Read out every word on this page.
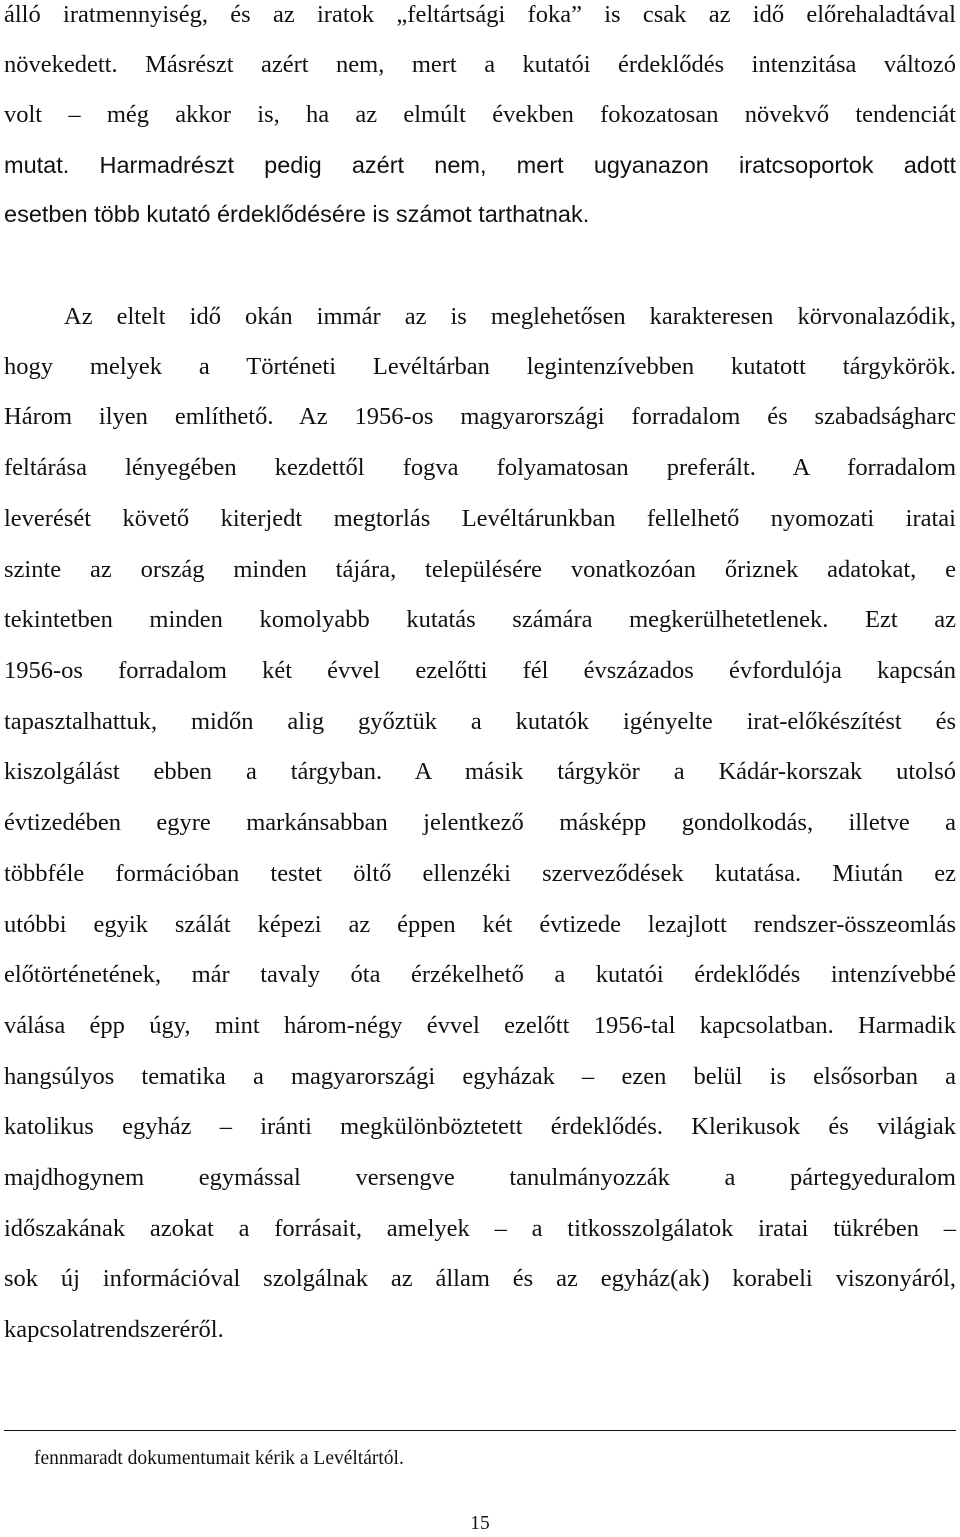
álló iratmennyiség, és az iratok „feltártsági foka” is csak az idő előrehaladtával
növekedett. Másrészt azért nem, mert a kutatói érdeklődés intenzitása változó
volt – még akkor is, ha az elmúlt években fokozatosan növekvő tendenciát
mutat. Harmadrészt pedig azért nem, mert ugyanazon iratcsoportok adott
esetben több kutató érdeklődésére is számot tarthatnak.
Az eltelt idő okán immár az is meglehetősen karakteresen körvonalazódik,
hogy melyek a Történeti Levéltárban legintenzívebben kutatott tárgykörök.
Három ilyen említhető. Az 1956-os magyarországi forradalom és szabadságharc
feltárása lényegében kezdettől fogva folyamatosan preferált. A forradalom
leverését követő kiterjedt megtorlás Levéltárunkban fellelhető nyomozati iratai
szinte az ország minden tájára, településére vonatkozóan őriznek adatokat, e
tekintetben minden komolyabb kutatás számára megkerülhetetlenek. Ezt az
1956-os forradalom két évvel ezelőtti fél évszázados évfordulója kapcsán
tapasztalhattuk, midőn alig győztük a kutatók igényelte irat-előkészítést és
kiszolgálást ebben a tárgyban. A másik tárgykör a Kádár-korszak utolsó
évtizedében egyre markánsabban jelentkező másképp gondolkodás, illetve a
többféle formációban testet öltő ellenzéki szerveződések kutatása. Miután ez
utóbbi egyik szálát képezi az éppen két évtizede lezajlott rendszer-összeomlás
előtörténetének, már tavaly óta érzékelhető a kutatói érdeklődés intenzívebbé
válása épp úgy, mint három-négy évvel ezelőtt 1956-tal kapcsolatban. Harmadik
hangsúlyos tematika a magyarországi egyházak – ezen belül is elsősorban a
katolikus egyház – iránti megkülönböztetett érdeklődés. Klerikusok és világiak
majdhogynem egymással versengve tanulmányozzák a pártegyeduralom
időszakának azokat a forrásait, amelyek – a titkosszolgálatok iratai tükrében –
sok új információval szolgálnak az állam és az egyház(ak) korabeli viszonyáról,
kapcsolatrendszeréről.
fennmaradt dokumentumait kérik a Levéltártól.
15
